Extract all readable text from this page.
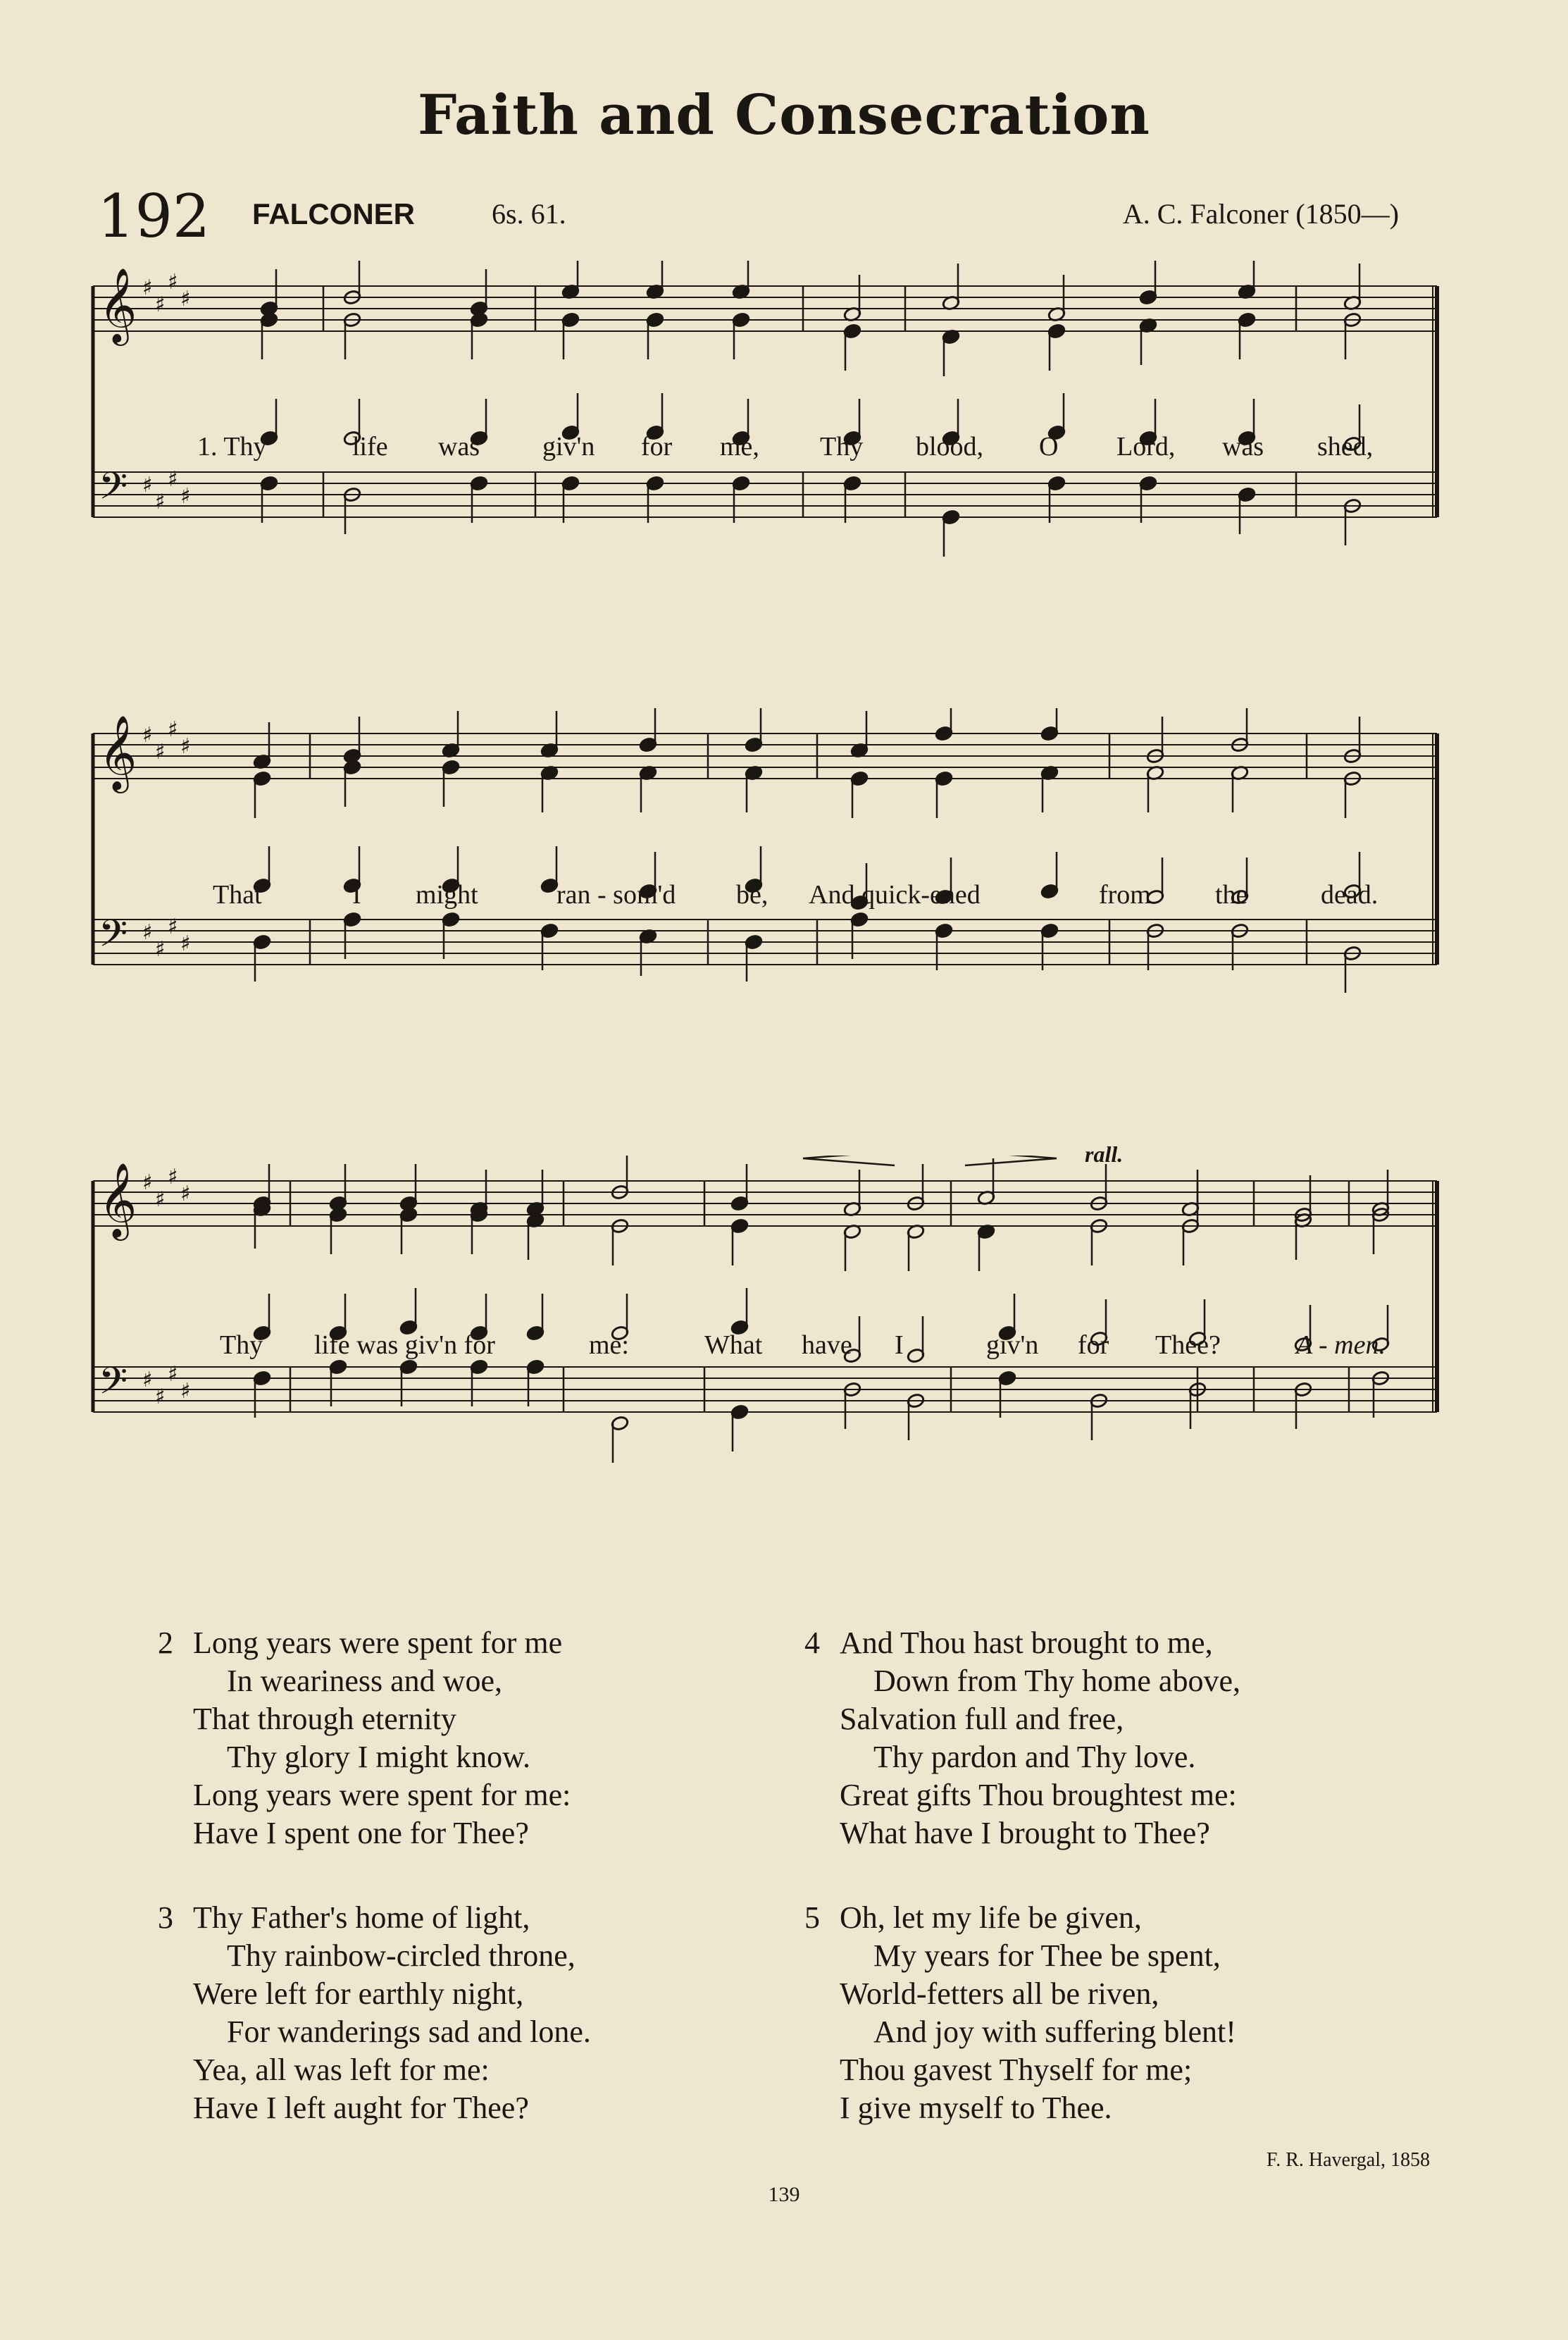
Faith and Consecration
192 FALCONER	6s. 61.	A. C. Falconer (1850—)
𝄞
𝄢
♯
♯
♯
♯
♯
♯
♯
♯
𝄞
𝄢
♯
♯
♯
♯
♯
♯
♯
♯
𝄞
𝄢
♯
♯
♯
♯
♯
♯
♯
♯
rall.
1. Thy	life was giv'n for me, Thy blood, O Lord, was shed,
That	I might	ran - som'd be, And quick-ened	from the	dead.
Thy life was giv'n for	me:	What have I	giv'n for Thee?	A - men.
2 Long years were spent for me
In weariness and woe,
That through eternity
Thy glory I might know.
Long years were spent for me:
Have I spent one for Thee?
3 Thy Father's home of light,
Thy rainbow-circled throne,
Were left for earthly night,
For wanderings sad and lone.
Yea, all was left for me:
Have I left aught for Thee?
4 And Thou hast brought to me,
Down from Thy home above,
Salvation full and free,
Thy pardon and Thy love.
Great gifts Thou broughtest me:
What have I brought to Thee?
5 Oh, let my life be given,
My years for Thee be spent,
World-fetters all be riven,
And joy with suffering blent!
Thou gavest Thyself for me;
I give myself to Thee.
F. R. Havergal, 1858
139
